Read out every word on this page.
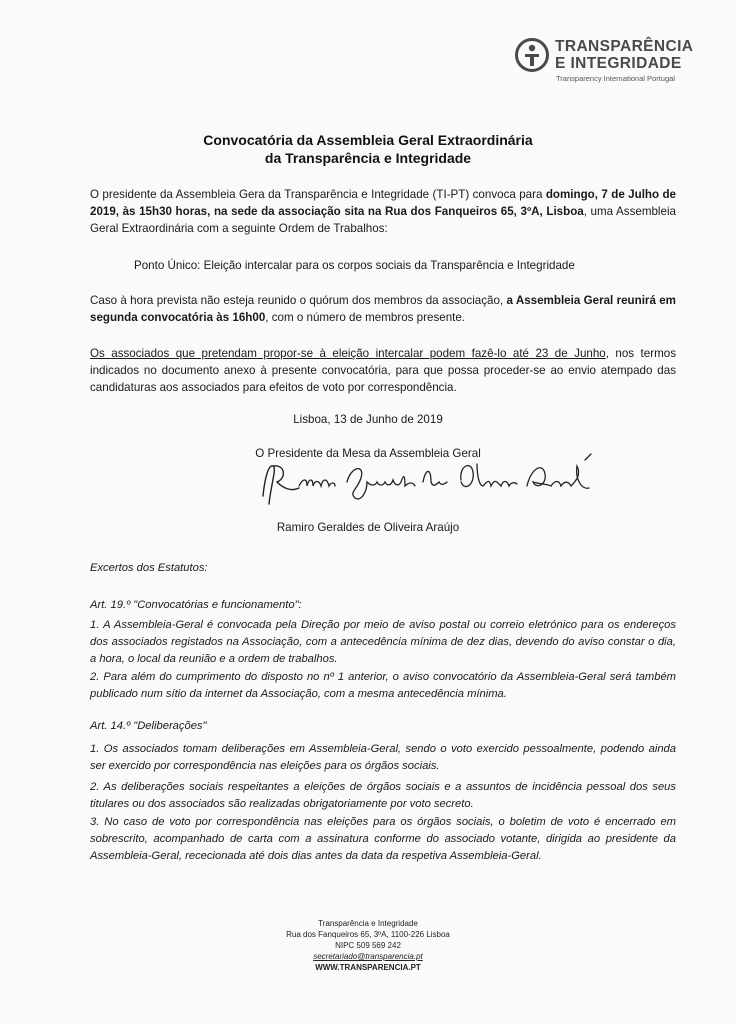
TRANSPARÊNCIA
E INTEGRIDADE
Transparency International Portugal
Convocatória da Assembleia Geral Extraordinária
da Transparência e Integridade
O presidente da Assembleia Gera da Transparência e Integridade (TI-PT) convoca para domingo, 7 de Julho de 2019, às 15h30 horas, na sede da associação sita na Rua dos Fanqueiros 65, 3ºA, Lisboa, uma Assembleia Geral Extraordinária com a seguinte Ordem de Trabalhos:
Ponto Único: Eleição intercalar para os corpos sociais da Transparência e Integridade
Caso à hora prevista não esteja reunido o quórum dos membros da associação, a Assembleia Geral reunirá em segunda convocatória às 16h00, com o número de membros presente.
Os associados que pretendam propor-se à eleição intercalar podem fazê-lo até 23 de Junho, nos termos indicados no documento anexo à presente convocatória, para que possa proceder-se ao envio atempado das candidaturas aos associados para efeitos de voto por correspondência.
Lisboa, 13 de Junho de 2019
O Presidente da Mesa da Assembleia Geral
Ramiro Geraldes de Oliveira Araújo
Excertos dos Estatutos:
Art. 19.º "Convocatórias e funcionamento":
1. A Assembleia-Geral é convocada pela Direção por meio de aviso postal ou correio eletrónico para os endereços dos associados registados na Associação, com a antecedência mínima de dez dias, devendo do aviso constar o dia, a hora, o local da reunião e a ordem de trabalhos.
2. Para além do cumprimento do disposto no nº 1 anterior, o aviso convocatório da Assembleia-Geral será também publicado num sítio da internet da Associação, com a mesma antecedência mínima.
Art. 14.º "Deliberações"
1. Os associados tomam deliberações em Assembleia-Geral, sendo o voto exercido pessoalmente, podendo ainda ser exercido por correspondência nas eleições para os órgãos sociais.
2. As deliberações sociais respeitantes a eleições de órgãos sociais e a assuntos de incidência pessoal dos seus titulares ou dos associados são realizadas obrigatoriamente por voto secreto.
3. No caso de voto por correspondência nas eleições para os órgãos sociais, o boletim de voto é encerrado em sobrescrito, acompanhado de carta com a assinatura conforme do associado votante, dirigida ao presidente da Assembleia-Geral, rececionada até dois dias antes da data da respetiva Assembleia-Geral.
Transparência e Integridade
Rua dos Fanqueiros 65, 3ºA, 1100-226 Lisboa
NIPC 509 569 242
secretariado@transparencia.pt
WWW.TRANSPARENCIA.PT
